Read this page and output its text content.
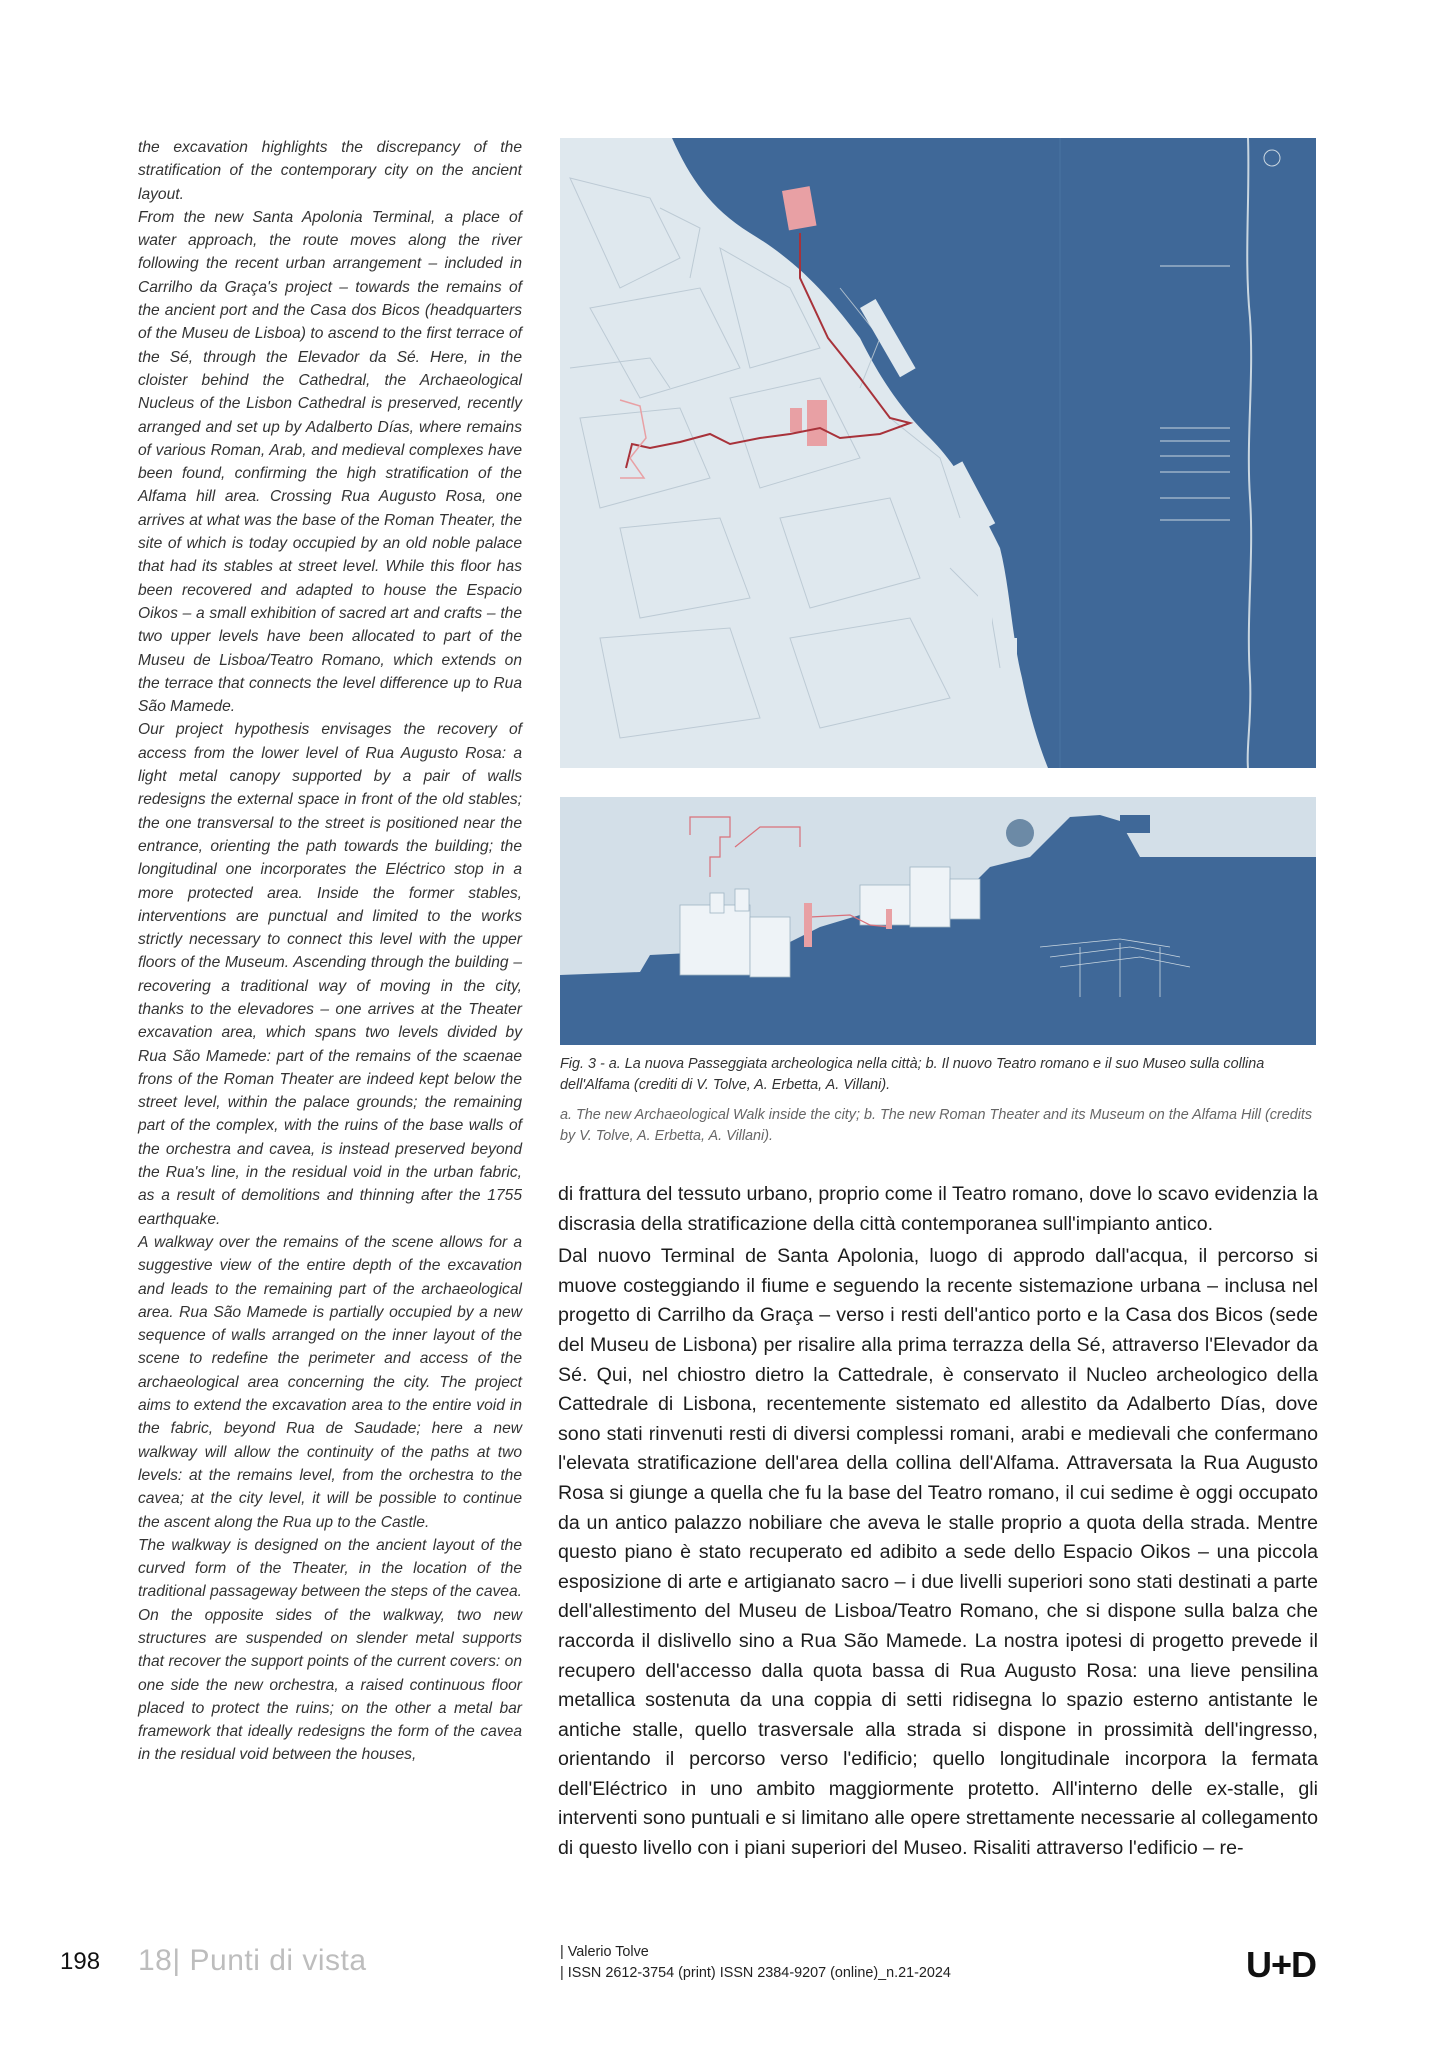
the excavation highlights the discrepancy of the stratification of the contemporary city on the ancient layout.

From the new Santa Apolonia Terminal, a place of water approach, the route moves along the river following the recent urban arrangement – included in Carrilho da Graça's project – towards the remains of the ancient port and the Casa dos Bicos (headquarters of the Museu de Lisboa) to ascend to the first terrace of the Sé, through the Elevador da Sé. Here, in the cloister behind the Cathedral, the Archaeological Nucleus of the Lisbon Cathedral is preserved, recently arranged and set up by Adalberto Días, where remains of various Roman, Arab, and medieval complexes have been found, confirming the high stratification of the Alfama hill area. Crossing Rua Augusto Rosa, one arrives at what was the base of the Roman Theater, the site of which is today occupied by an old noble palace that had its stables at street level. While this floor has been recovered and adapted to house the Espacio Oikos – a small exhibition of sacred art and crafts – the two upper levels have been allocated to part of the Museu de Lisboa/Teatro Romano, which extends on the terrace that connects the level difference up to Rua São Mamede.

Our project hypothesis envisages the recovery of access from the lower level of Rua Augusto Rosa: a light metal canopy supported by a pair of walls redesigns the external space in front of the old stables; the one transversal to the street is positioned near the entrance, orienting the path towards the building; the longitudinal one incorporates the Eléctrico stop in a more protected area. Inside the former stables, interventions are punctual and limited to the works strictly necessary to connect this level with the upper floors of the Museum. Ascending through the building – recovering a traditional way of moving in the city, thanks to the elevadores – one arrives at the Theater excavation area, which spans two levels divided by Rua São Mamede: part of the remains of the scaenae frons of the Roman Theater are indeed kept below the street level, within the palace grounds; the remaining part of the complex, with the ruins of the base walls of the orchestra and cavea, is instead preserved beyond the Rua's line, in the residual void in the urban fabric, as a result of demolitions and thinning after the 1755 earthquake.

A walkway over the remains of the scene allows for a suggestive view of the entire depth of the excavation and leads to the remaining part of the archaeological area. Rua São Mamede is partially occupied by a new sequence of walls arranged on the inner layout of the scene to redefine the perimeter and access of the archaeological area concerning the city. The project aims to extend the excavation area to the entire void in the fabric, beyond Rua de Saudade; here a new walkway will allow the continuity of the paths at two levels: at the remains level, from the orchestra to the cavea; at the city level, it will be possible to continue the ascent along the Rua up to the Castle.

The walkway is designed on the ancient layout of the curved form of the Theater, in the location of the traditional passageway between the steps of the cavea. On the opposite sides of the walkway, two new structures are suspended on slender metal supports that recover the support points of the current covers: on one side the new orchestra, a raised continuous floor placed to protect the ruins; on the other a metal bar framework that ideally redesigns the form of the cavea in the residual void between the houses,

Fig. 3 - a. La nuova Passeggiata archeologica nella città; b. Il nuovo Teatro romano e il suo Museo sulla collina dell'Alfama (crediti di V. Tolve, A. Erbetta, A. Villani).
a. The new Archaeological Walk inside the city; b. The new Roman Theater and its Museum on the Alfama Hill (credits by V. Tolve, A. Erbetta, A. Villani).

di frattura del tessuto urbano, proprio come il Teatro romano, dove lo scavo evidenzia la discrasia della stratificazione della città contemporanea sull'impianto antico.

Dal nuovo Terminal de Santa Apolonia, luogo di approdo dall'acqua, il percorso si muove costeggiando il fiume e seguendo la recente sistemazione urbana – inclusa nel progetto di Carrilho da Graça – verso i resti dell'antico porto e la Casa dos Bicos (sede del Museu de Lisbona) per risalire alla prima terrazza della Sé, attraverso l'Elevador da Sé. Qui, nel chiostro dietro la Cattedrale, è conservato il Nucleo archeologico della Cattedrale di Lisbona, recentemente sistemato ed allestito da Adalberto Días, dove sono stati rinvenuti resti di diversi complessi romani, arabi e medievali che confermano l'elevata stratificazione dell'area della collina dell'Alfama. Attraversata la Rua Augusto Rosa si giunge a quella che fu la base del Teatro romano, il cui sedime è oggi occupato da un antico palazzo nobiliare che aveva le stalle proprio a quota della strada. Mentre questo piano è stato recuperato ed adibito a sede dello Espacio Oikos – una piccola esposizione di arte e artigianato sacro – i due livelli superiori sono stati destinati a parte dell'allestimento del Museu de Lisboa/Teatro Romano, che si dispone sulla balza che raccorda il dislivello sino a Rua São Mamede. La nostra ipotesi di progetto prevede il recupero dell'accesso dalla quota bassa di Rua Augusto Rosa: una lieve pensilina metallica sostenuta da una coppia di setti ridisegna lo spazio esterno antistante le antiche stalle, quello trasversale alla strada si dispone in prossimità dell'ingresso, orientando il percorso verso l'edificio; quello longitudinale incorpora la fermata dell'Eléctrico in uno ambito maggiormente protetto. All'interno delle ex-stalle, gli interventi sono puntuali e si limitano alle opere strettamente necessarie al collegamento di questo livello con i piani superiori del Museo. Risaliti attraverso l'edificio – re-

198 18| Punti di vista	| Valerio Tolve
| ISSN 2612-3754 (print) ISSN 2384-9207 (online)_n.21-2024	U+D
